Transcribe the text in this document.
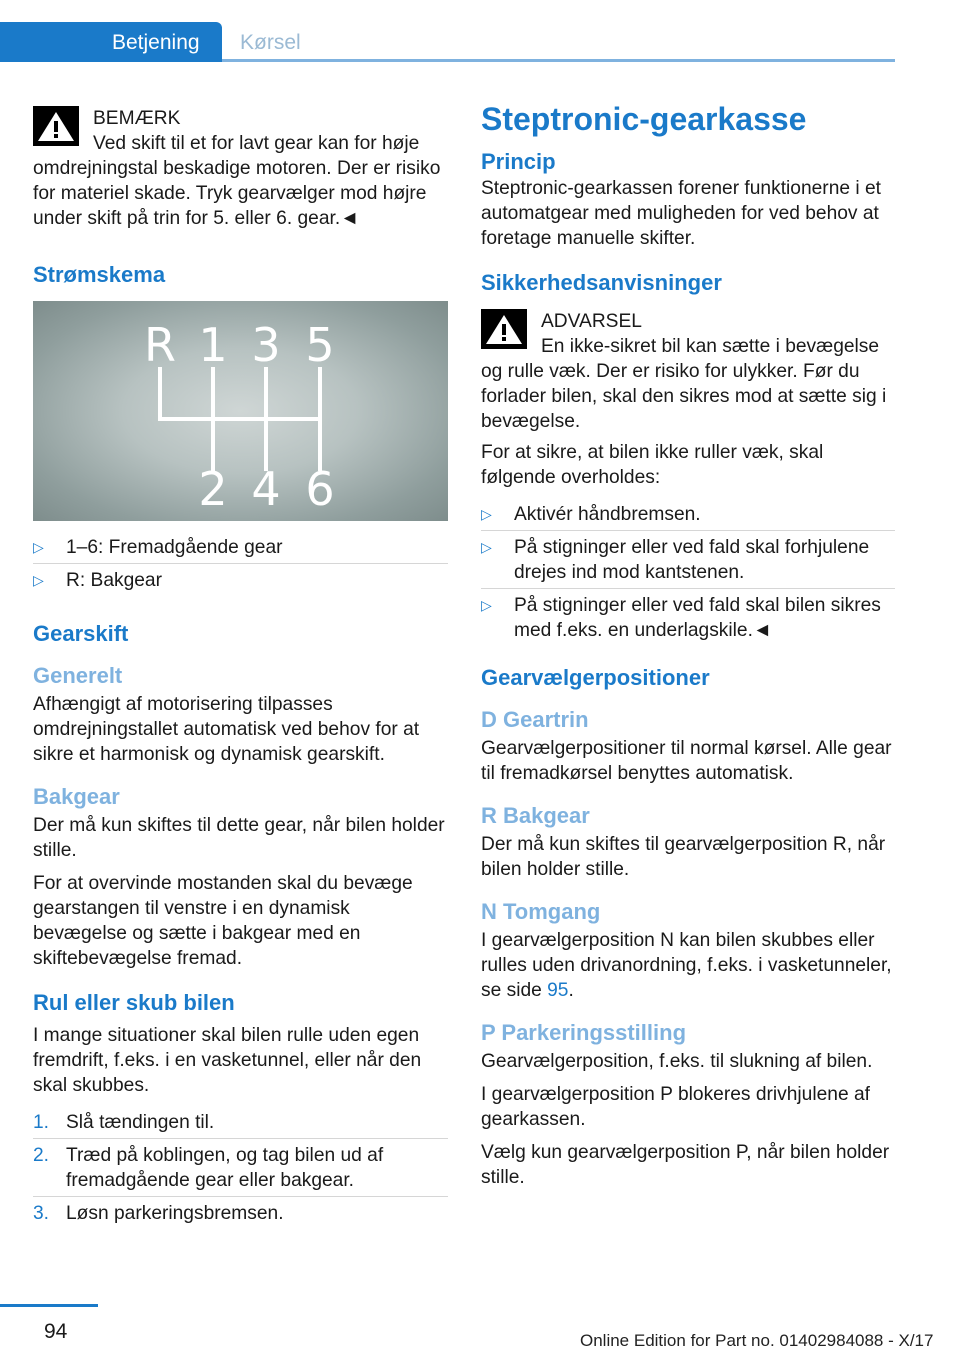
Betjening Kørsel

BEMÆRK

Ved skift til et for lavt gear kan for høje omdrejningstal beskadige motoren. Der er risiko for materiel skade. Tryk gearvælger mod højre under skift på trin for 5. eller 6. gear.◄

Strømskema
R 1 3 5
2 4 6
▷ 1–6: Fremadgående gear
▷ R: Bakgear
Gearskift
Generelt

Afhængigt af motorisering tilpasses omdrejningstallet automatisk ved behov for at sikre et harmonisk og dynamisk gearskift.

Bakgear

Der må kun skiftes til dette gear, når bilen holder stille.

For at overvinde mostanden skal du bevæge gearstangen til venstre i en dynamisk bevægelse og sætte i bakgear med en skiftebevægelse fremad.

Rul eller skub bilen

I mange situationer skal bilen rulle uden egen fremdrift, f.eks. i en vasketunnel, eller når den skal skubbes.

1. Slå tændingen til.
2. Træd på koblingen, og tag bilen ud af fremadgående gear eller bakgear.
3. Løsn parkeringsbremsen.
Steptronic-gearkasse
Princip

Steptronic-gearkassen forener funktionerne i et automatgear med muligheden for ved behov at foretage manuelle skifter.

Sikkerhedsanvisninger

ADVARSEL

En ikke-sikret bil kan sætte i bevægelse og rulle væk. Der er risiko for ulykker. Før du forlader bilen, skal den sikres mod at sætte sig i bevægelse.

For at sikre, at bilen ikke ruller væk, skal følgende overholdes:

▷ Aktivér håndbremsen.
▷ På stigninger eller ved fald skal forhjulene drejes ind mod kantstenen.
▷ På stigninger eller ved fald skal bilen sikres med f.eks. en underlagskile.◄
Gearvælgerpositioner
D Geartrin

Gearvælgerpositioner til normal kørsel. Alle gear til fremadkørsel benyttes automatisk.

R Bakgear

Der må kun skiftes til gearvælgerposition R, når bilen holder stille.

N Tomgang

I gearvælgerposition N kan bilen skubbes eller rulles uden drivanordning, f.eks. i vasketunneler, se side 95.

P Parkeringsstilling

Gearvælgerposition, f.eks. til slukning af bilen.

I gearvælgerposition P blokeres drivhjulene af gearkassen.

Vælg kun gearvælgerposition P, når bilen holder stille.

94	Online Edition for Part no. 01402984088 - X/17
